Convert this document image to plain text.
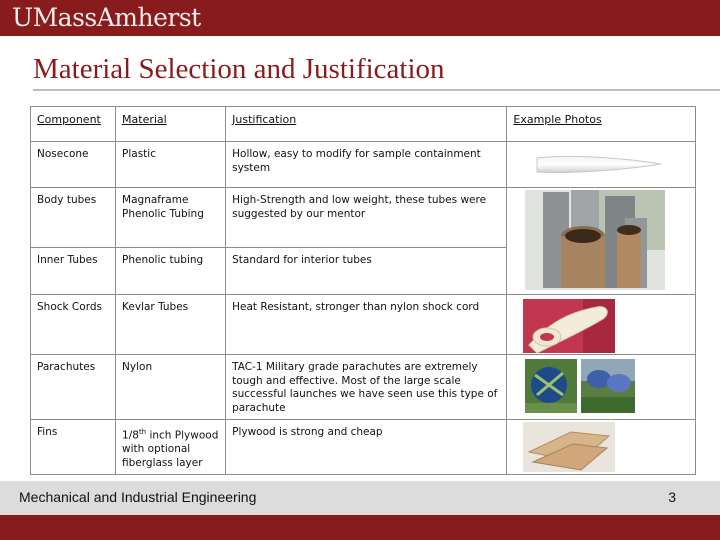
UMassAmherst
Material Selection and Justification
Component	Material	Justification	Example Photos
Nosecone	Plastic	Hollow, easy to modify for sample containment system	

Body tubes	Magnaframe Phenolic Tubing	High-Strength and low weight, these tubes were suggested by our mentor	

Inner Tubes	Phenolic tubing	Standard for interior tubes	
Shock Cords	Kevlar Tubes	Heat Resistant, stronger than nylon shock cord	

Parachutes	Nylon	TAC-1 Military grade parachutes are extremely tough and effective. Most of the large scale successful launches we have seen use this type of parachute	

Fins	1/8th inch Plywood with optional fiberglass layer	Plywood is strong and cheap	
Mechanical and Industrial Engineering	3
